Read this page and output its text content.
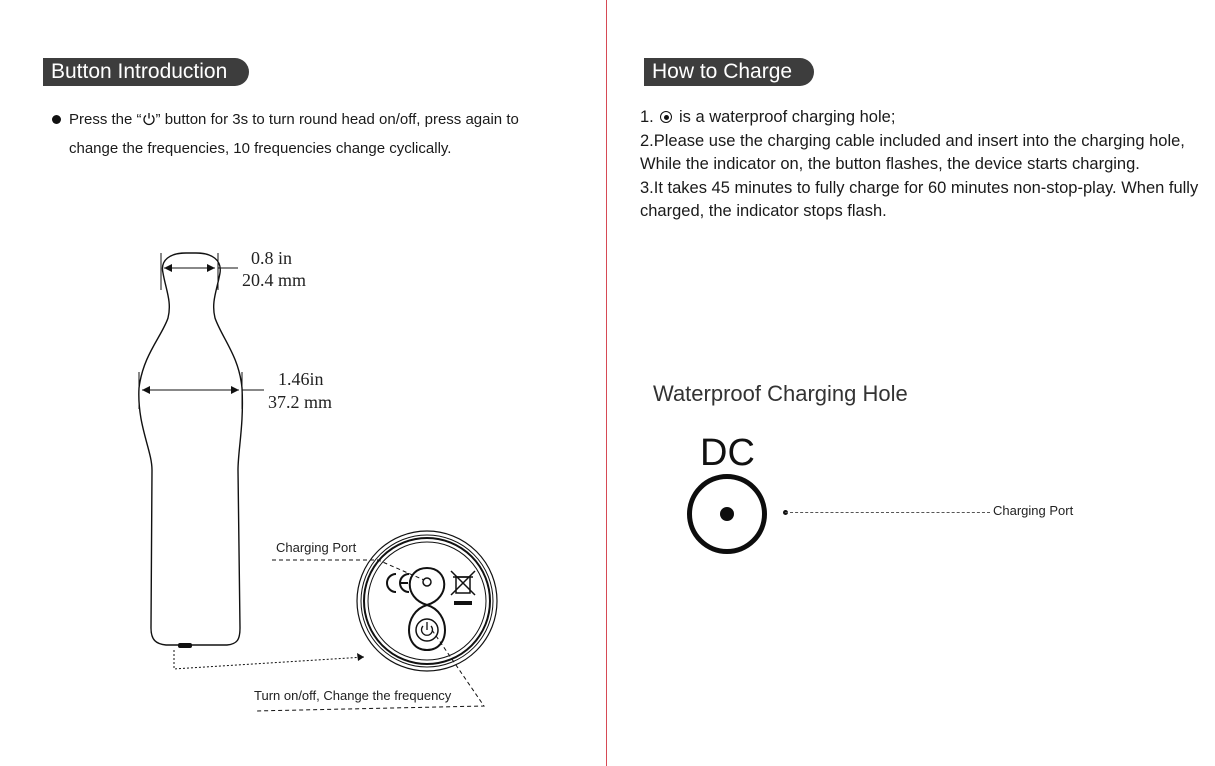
Button Introduction
Press the “ ” button for 3s to turn round head on/off, press again to change the frequencies, 10 frequencies change cyclically.
0.8 in
20.4 mm
1.46in
37.2 mm
Charging Port
Turn on/off, Change the frequency
How to Charge

1.  is a waterproof charging hole;

2.Please use the charging cable included and insert into the charging hole, While the indicator on, the button flashes, the device starts charging.

3.It takes 45 minutes to fully charge for 60 minutes non-stop-play. When fully charged, the indicator stops flash.

Waterproof Charging Hole
DC
Charging Port
